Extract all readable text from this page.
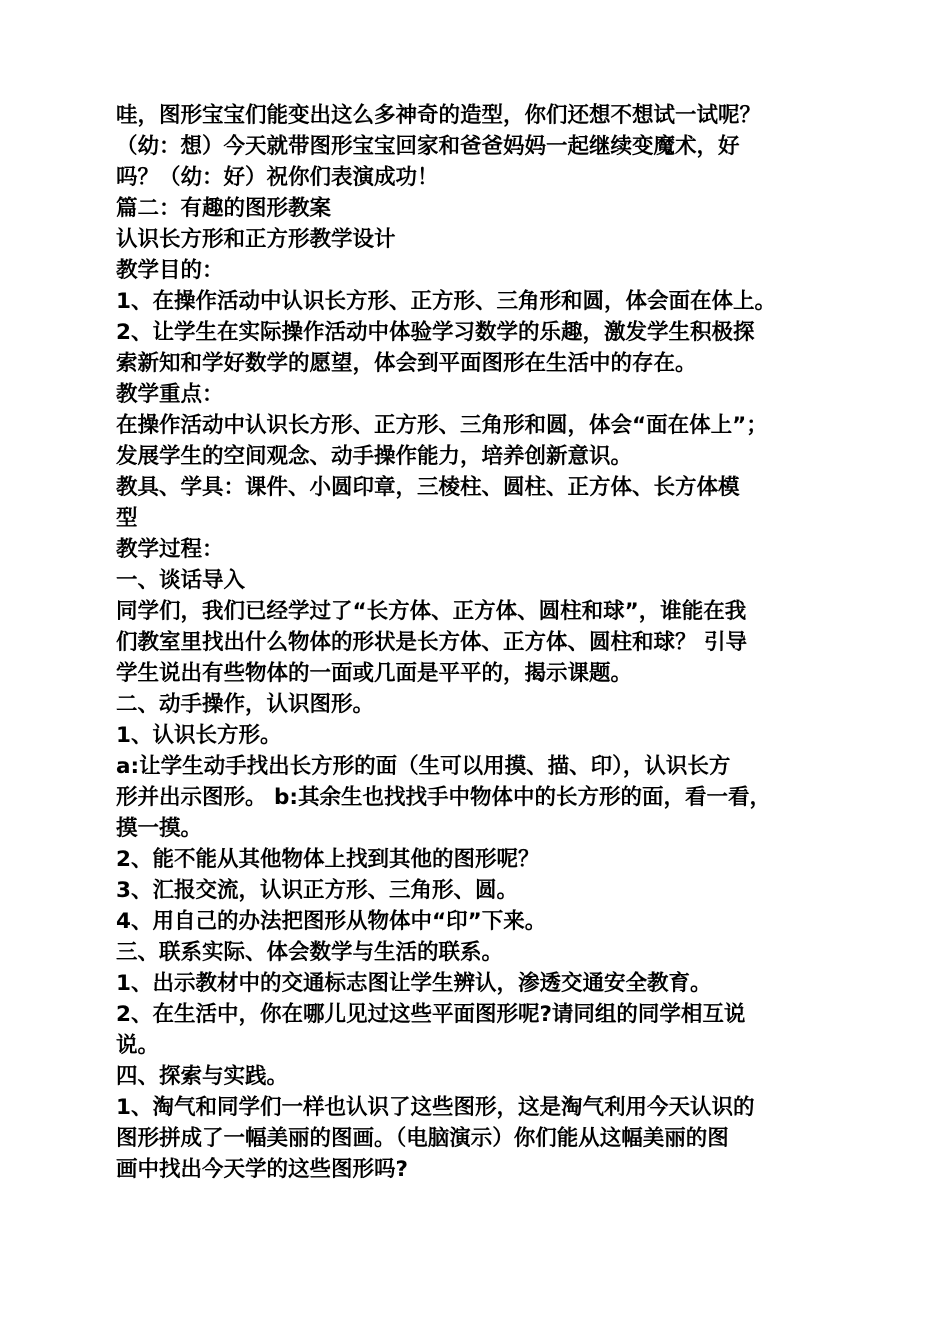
哇，图形宝宝们能变出这么多神奇的造型，你们还想不想试一试呢？

（幼：想）今天就带图形宝宝回家和爸爸妈妈一起继续变魔术，好

吗？（幼：好）祝你们表演成功！

篇二：有趣的图形教案

认识长方形和正方形教学设计

教学目的：

1、在操作活动中认识长方形、正方形、三角形和圆，体会面在体上。

2、让学生在实际操作活动中体验学习数学的乐趣，激发学生积极探

索新知和学好数学的愿望，体会到平面图形在生活中的存在。

教学重点：

在操作活动中认识长方形、正方形、三角形和圆，体会“面在体上”；

发展学生的空间观念、动手操作能力，培养创新意识。

教具、学具：课件、小圆印章，三棱柱、圆柱、正方体、长方体模

型

教学过程：

一、谈话导入

同学们，我们已经学过了“长方体、正方体、圆柱和球”，谁能在我

们教室里找出什么物体的形状是长方体、正方体、圆柱和球？ 引导

学生说出有些物体的一面或几面是平平的，揭示课题。

二、动手操作，认识图形。

1、认识长方形。

a:让学生动手找出长方形的面（生可以用摸、描、印），认识长方

形并出示图形。 b:其余生也找找手中物体中的长方形的面，看一看，

摸一摸。

2、能不能从其他物体上找到其他的图形呢？

3、汇报交流，认识正方形、三角形、圆。

4、用自己的办法把图形从物体中“印”下来。

三、联系实际、体会数学与生活的联系。

1、出示教材中的交通标志图让学生辨认，渗透交通安全教育。

2、在生活中，你在哪儿见过这些平面图形呢?请同组的同学相互说

说。

四、探索与实践。

1、淘气和同学们一样也认识了这些图形，这是淘气利用今天认识的

图形拼成了一幅美丽的图画。（电脑演示）你们能从这幅美丽的图

画中找出今天学的这些图形吗?
